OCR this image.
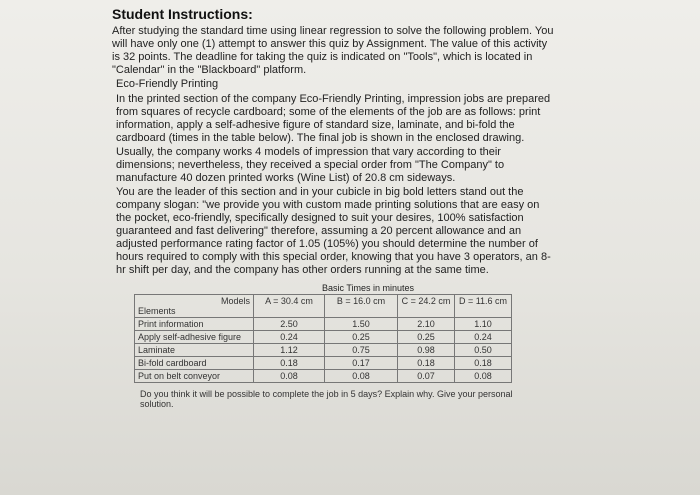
Student Instructions:

After studying the standard time using linear regression to solve the following problem. You will have only one (1) attempt to answer this quiz by Assignment. The value of this activity is 32 points. The deadline for taking the quiz is indicated on "Tools", which is located in "Calendar" in the "Blackboard" platform.

Eco-Friendly Printing

In the printed section of the company Eco-Friendly Printing, impression jobs are prepared from squares of recycle cardboard; some of the elements of the job are as follows: print information, apply a self-adhesive figure of standard size, laminate, and bi-fold the cardboard (times in the table below). The final job is shown in the enclosed drawing.

Usually, the company works 4 models of impression that vary according to their dimensions; nevertheless, they received a special order from "The Company" to manufacture 40 dozen printed works (Wine List) of 20.8 cm sideways.

You are the leader of this section and in your cubicle in big bold letters stand out the company slogan: "we provide you with custom made printing solutions that are easy on the pocket, eco-friendly, specifically designed to suit your desires, 100% satisfaction guaranteed and fast delivering" therefore, assuming a 20 percent allowance and an adjusted performance rating factor of 1.05 (105%) you should determine the number of hours required to comply with this special order, knowing that you have 3 operators, an 8-hr shift per day, and the company has other orders running at the same time.

Basic Times in minutes
Models
Elements	A = 30.4 cm	B = 16.0 cm	C = 24.2 cm	D = 11.6 cm
Print information	2.50	1.50	2.10	1.10
Apply self-adhesive figure	0.24	0.25	0.25	0.24
Laminate	1.12	0.75	0.98	0.50
Bi-fold cardboard	0.18	0.17	0.18	0.18
Put on belt conveyor	0.08	0.08	0.07	0.08
Do you think it will be possible to complete the job in 5 days? Explain why. Give your personal solution.
